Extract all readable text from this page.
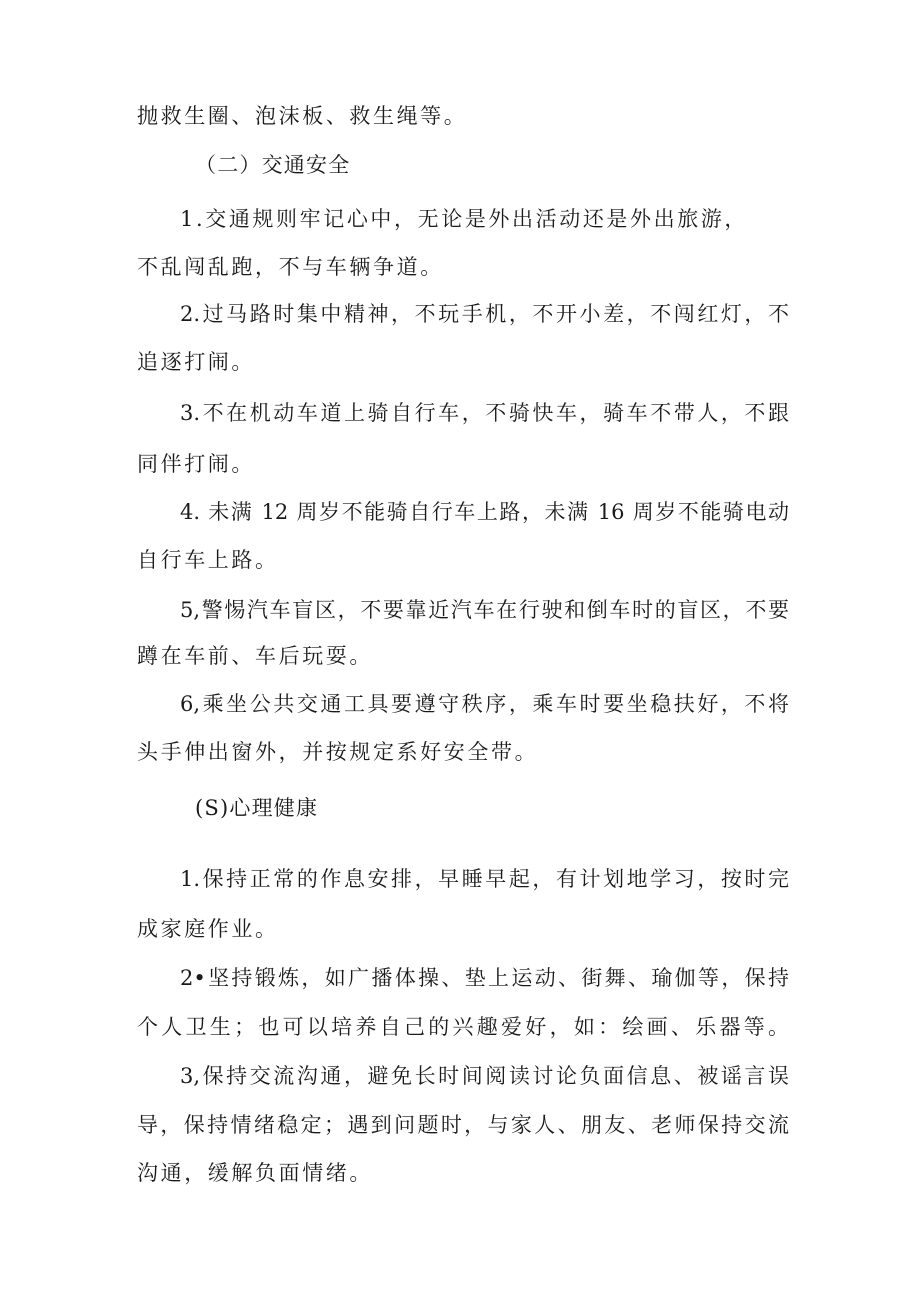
抛救生圈、泡沫板、救生绳等。
（二）交通安全
1.交通规则牢记心中，无论是外出活动还是外出旅游，
不乱闯乱跑，不与车辆争道。
2.过马路时集中精神，不玩手机，不开小差，不闯红灯，不
追逐打闹。
3.不在机动车道上骑自行车，不骑快车，骑车不带人，不跟
同伴打闹。
4. 未满 12 周岁不能骑自行车上路，未满 16 周岁不能骑电动
自行车上路。
5,警惕汽车盲区，不要靠近汽车在行驶和倒车时的盲区，不要
蹲在车前、车后玩耍。
6,乘坐公共交通工具要遵守秩序，乘车时要坐稳扶好，不将
头手伸出窗外，并按规定系好安全带。
(S)心理健康
1.保持正常的作息安排，早睡早起，有计划地学习，按时完
成家庭作业。
2•坚持锻炼，如广播体操、垫上运动、街舞、瑜伽等，保持
个人卫生；也可以培养自己的兴趣爱好，如：绘画、乐器等。
3,保持交流沟通，避免长时间阅读讨论负面信息、被谣言误
导，保持情绪稳定；遇到问题时，与家人、朋友、老师保持交流
沟通，缓解负面情绪。
